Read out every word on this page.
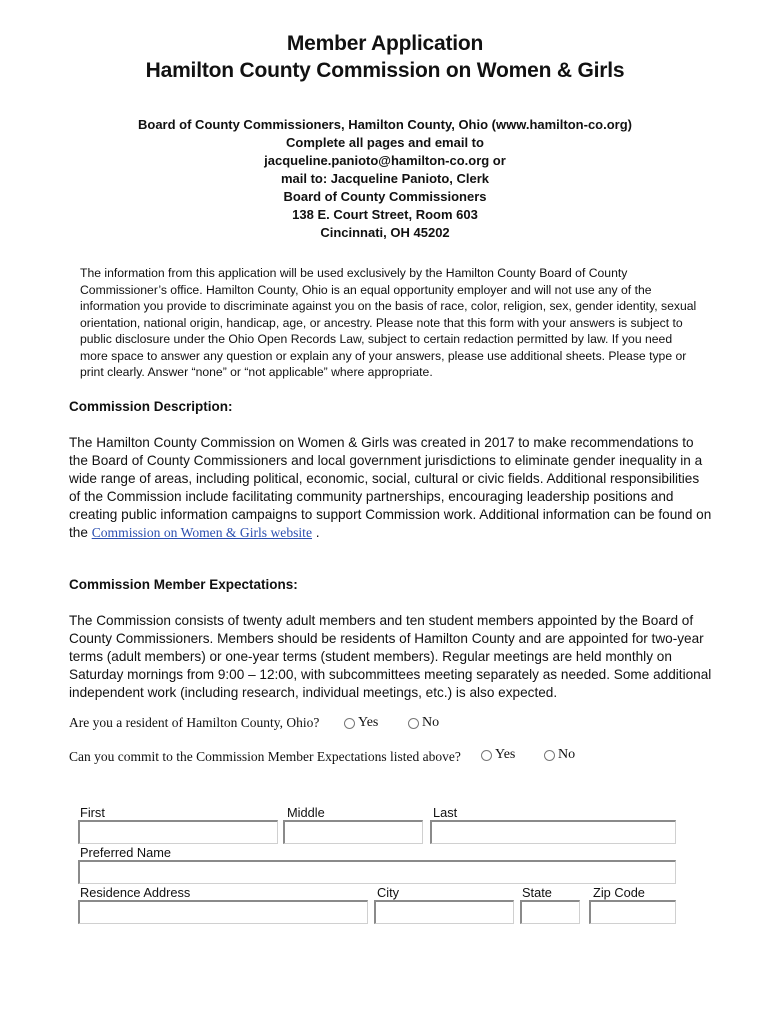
Member Application
Hamilton County Commission on Women & Girls
Board of County Commissioners, Hamilton County, Ohio (www.hamilton-co.org)
Complete all pages and email to
jacqueline.panioto@hamilton-co.org or
mail to: Jacqueline Panioto, Clerk
Board of County Commissioners
138 E. Court Street, Room 603
Cincinnati, OH 45202
The information from this application will be used exclusively by the Hamilton County Board of County Commissioner’s office. Hamilton County, Ohio is an equal opportunity employer and will not use any of the information you provide to discriminate against you on the basis of race, color, religion, sex, gender identity, sexual orientation, national origin, handicap, age, or ancestry. Please note that this form with your answers is subject to public disclosure under the Ohio Open Records Law, subject to certain redaction permitted by law. If you need more space to answer any question or explain any of your answers, please use additional sheets. Please type or print clearly. Answer “none” or “not applicable” where appropriate.
Commission Description:
The Hamilton County Commission on Women & Girls was created in 2017 to make recommendations to the Board of County Commissioners and local government jurisdictions to eliminate gender inequality in a wide range of areas, including political, economic, social, cultural or civic fields. Additional responsibilities of the Commission include facilitating community partnerships, encouraging leadership positions and creating public information campaigns to support Commission work. Additional information can be found on the Commission on Women & Girls website .
Commission Member Expectations:
The Commission consists of twenty adult members and ten student members appointed by the Board of County Commissioners. Members should be residents of Hamilton County and are appointed for two-year terms (adult members) or one-year terms (student members). Regular meetings are held monthly on Saturday mornings from 9:00 – 12:00, with subcommittees meeting separately as needed. Some additional independent work (including research, individual meetings, etc.) is also expected.
Are you a resident of Hamilton County, Ohio?	Yes	No
Can you commit to the Commission Member Expectations listed above? Yes	No
First	Middle	Last
Preferred Name
Residence Address	City	State	Zip Code
